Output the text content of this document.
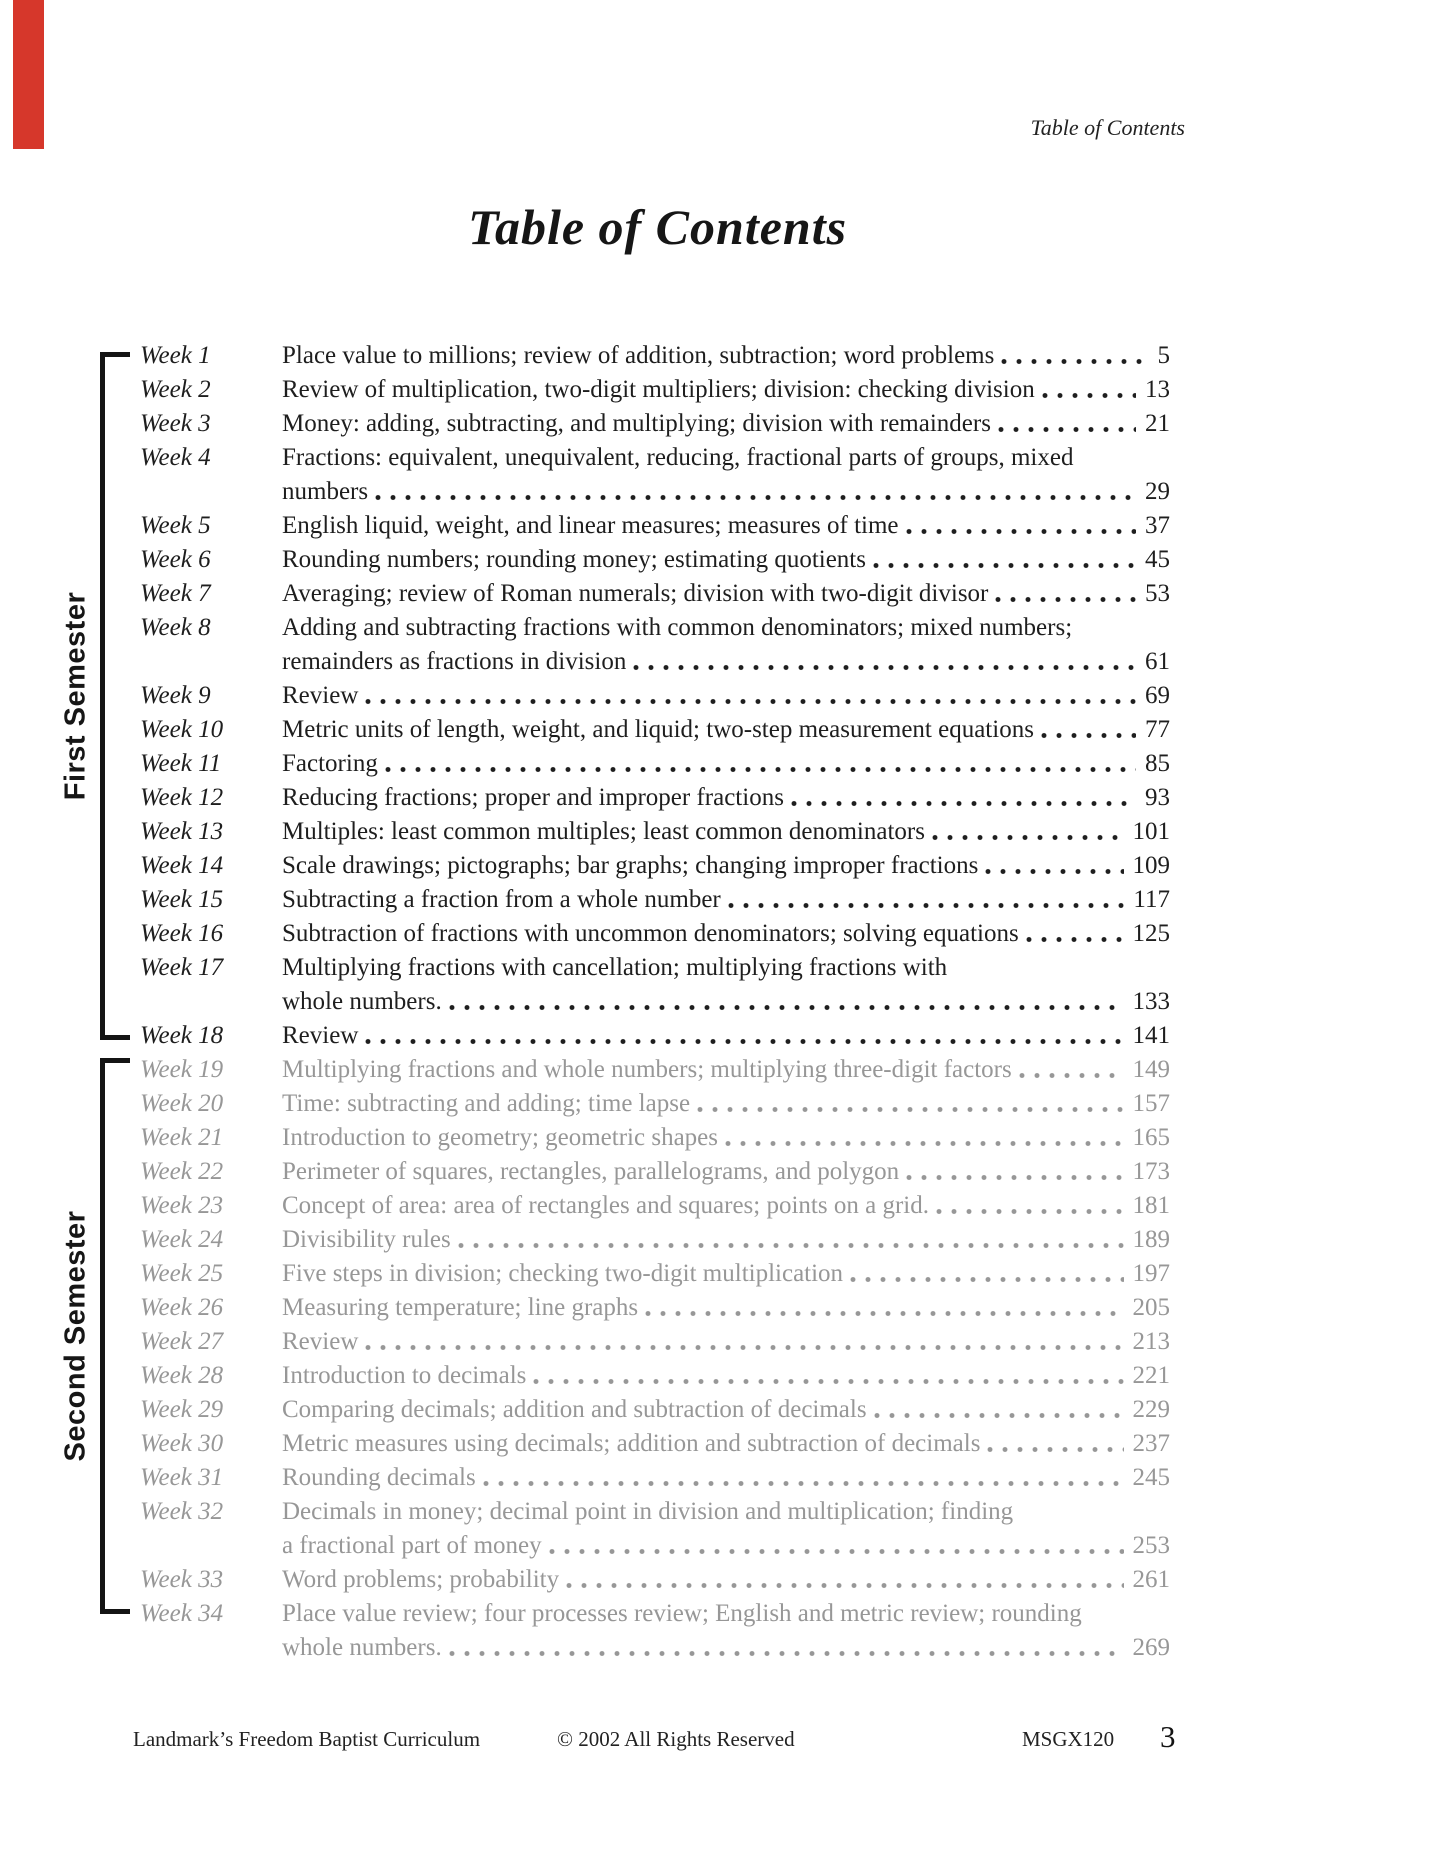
Table of Contents
Table of Contents
First Semester
Second Semester
Week 1	Place value to millions; review of addition, subtraction; word problems	5
Week 2	Review of multiplication, two-digit multipliers; division: checking division	13
Week 3	Money: adding, subtracting, and multiplying; division with remainders	21
Week 4	Fractions: equivalent, unequivalent, reducing, fractional parts of groups, mixed
numbers	29
Week 5	English liquid, weight, and linear measures; measures of time	37
Week 6	Rounding numbers; rounding money; estimating quotients	45
Week 7	Averaging; review of Roman numerals; division with two-digit divisor	53
Week 8	Adding and subtracting fractions with common denominators; mixed numbers;
remainders as fractions in division	61
Week 9	Review	69
Week 10	Metric units of length, weight, and liquid; two-step measurement equations	77
Week 11	Factoring	85
Week 12	Reducing fractions; proper and improper fractions	93
Week 13	Multiples: least common multiples; least common denominators	101
Week 14	Scale drawings; pictographs; bar graphs; changing improper fractions	109
Week 15	Subtracting a fraction from a whole number	117
Week 16	Subtraction of fractions with uncommon denominators; solving equations	125
Week 17	Multiplying fractions with cancellation; multiplying fractions with
whole numbers.	133
Week 18	Review	141
Week 19	Multiplying fractions and whole numbers; multiplying three-digit factors	149
Week 20	Time: subtracting and adding; time lapse	157
Week 21	Introduction to geometry; geometric shapes	165
Week 22	Perimeter of squares, rectangles, parallelograms, and polygon	173
Week 23	Concept of area: area of rectangles and squares; points on a grid.	181
Week 24	Divisibility rules	189
Week 25	Five steps in division; checking two-digit multiplication	197
Week 26	Measuring temperature; line graphs	205
Week 27	Review	213
Week 28	Introduction to decimals	221
Week 29	Comparing decimals; addition and subtraction of decimals	229
Week 30	Metric measures using decimals; addition and subtraction of decimals	237
Week 31	Rounding decimals	245
Week 32	Decimals in money; decimal point in division and multiplication; finding
a fractional part of money	253
Week 33	Word problems; probability	261
Week 34	Place value review; four processes review; English and metric review; rounding
whole numbers.	269
Landmark’s Freedom Baptist Curriculum	© 2002 All Rights Reserved	MSGX120 3
